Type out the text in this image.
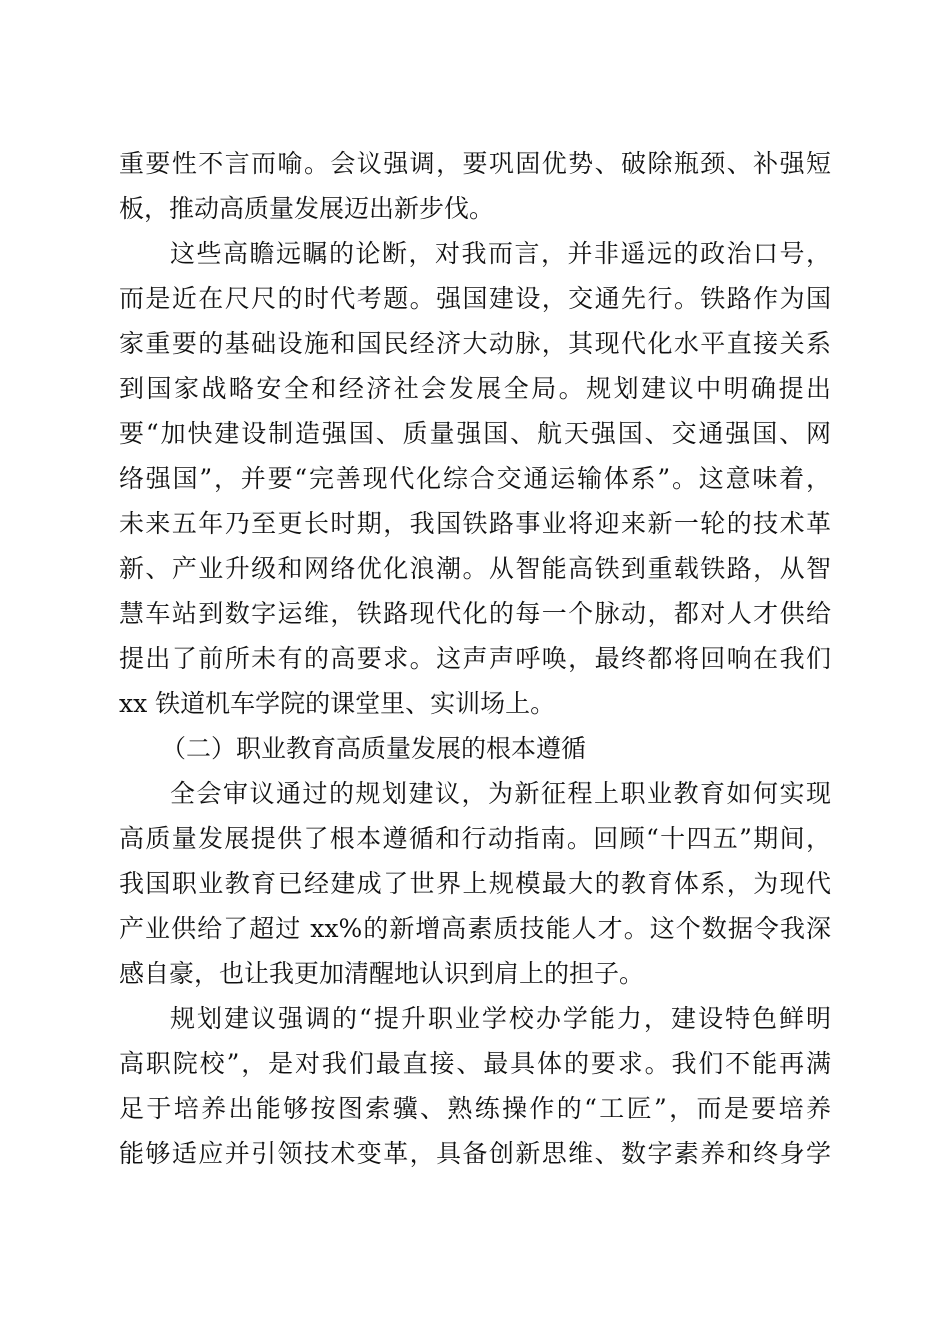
重要性不言而喻。会议强调，要巩固优势、破除瓶颈、补强短
板，推动高质量发展迈出新步伐。
这些高瞻远瞩的论断，对我而言，并非遥远的政治口号，
而是近在尺尺的时代考题。强国建设，交通先行。铁路作为国
家重要的基础设施和国民经济大动脉，其现代化水平直接关系
到国家战略安全和经济社会发展全局。规划建议中明确提出
要“加快建设制造强国、质量强国、航天强国、交通强国、网
络强国”，并要“完善现代化综合交通运输体系”。这意味着，
未来五年乃至更长时期，我国铁路事业将迎来新一轮的技术革
新、产业升级和网络优化浪潮。从智能高铁到重载铁路，从智
慧车站到数字运维，铁路现代化的每一个脉动，都对人才供给
提出了前所未有的高要求。这声声呼唤，最终都将回响在我们
xx 铁道机车学院的课堂里、实训场上。
（二）职业教育高质量发展的根本遵循
全会审议通过的规划建议，为新征程上职业教育如何实现
高质量发展提供了根本遵循和行动指南。回顾“十四五”期间，
我国职业教育已经建成了世界上规模最大的教育体系，为现代
产业供给了超过 xx%的新增高素质技能人才。这个数据令我深
感自豪，也让我更加清醒地认识到肩上的担子。
规划建议强调的“提升职业学校办学能力，建设特色鲜明
高职院校”，是对我们最直接、最具体的要求。我们不能再满
足于培养出能够按图索骥、熟练操作的“工匠”，而是要培养
能够适应并引领技术变革，具备创新思维、数字素养和终身学
